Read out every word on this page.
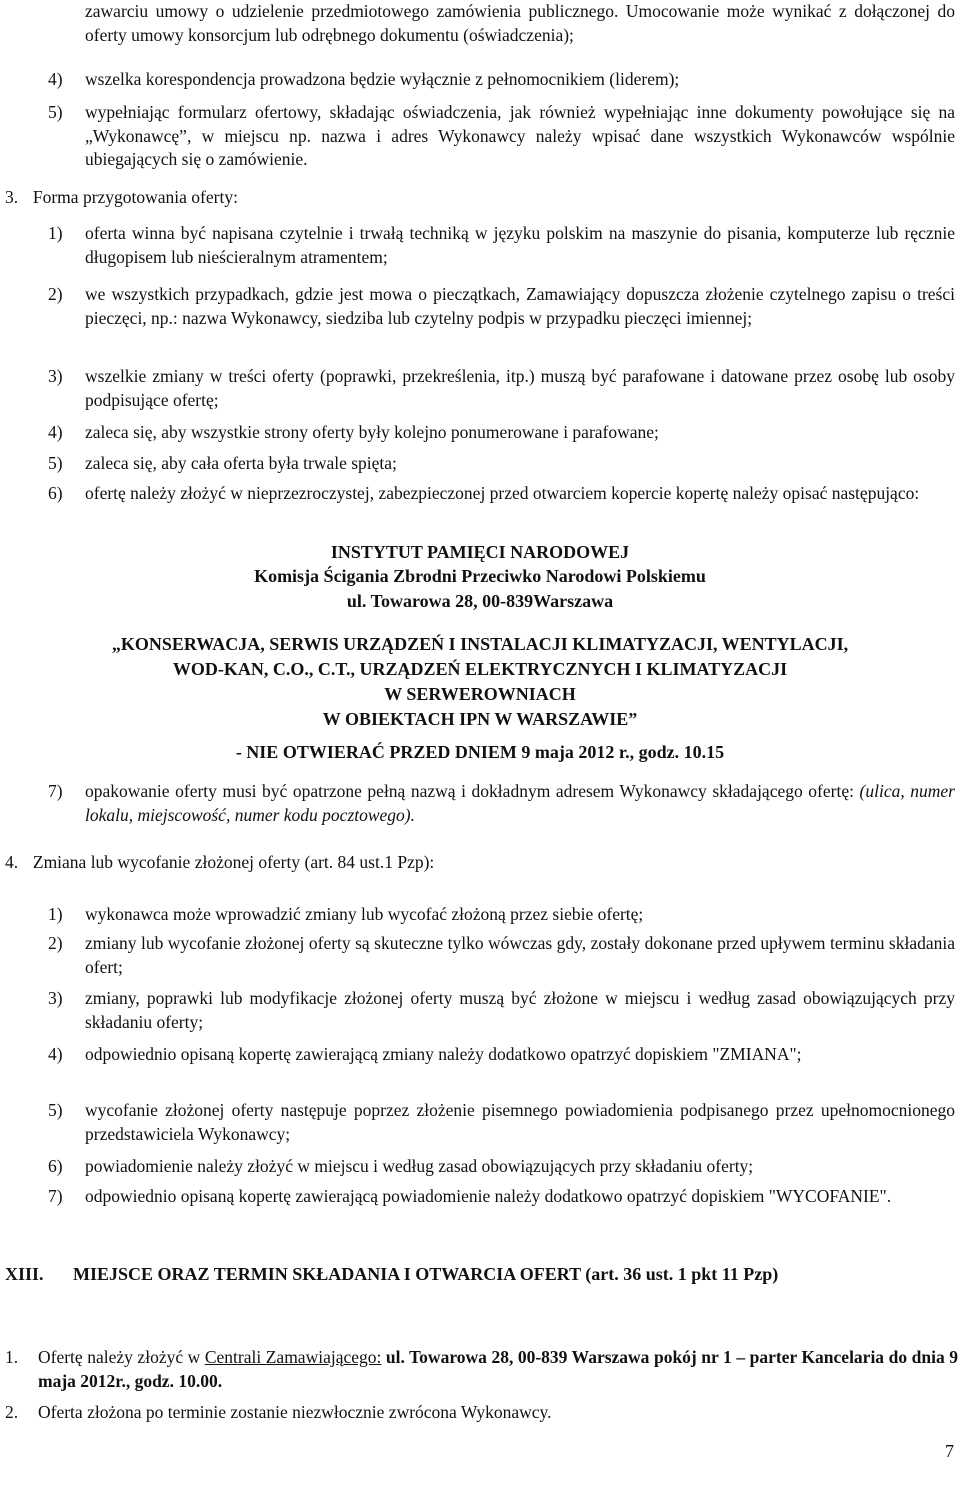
zawarciu umowy o udzielenie przedmiotowego zamówienia publicznego. Umocowanie może wynikać z dołączonej do oferty umowy konsorcjum lub odrębnego dokumentu (oświadczenia);
4) wszelka korespondencja prowadzona będzie wyłącznie z pełnomocnikiem (liderem);
5) wypełniając formularz ofertowy, składając oświadczenia, jak również wypełniając inne dokumenty powołujące się na „Wykonawcę”, w miejscu np. nazwa i adres Wykonawcy należy wpisać dane wszystkich Wykonawców wspólnie ubiegających się o zamówienie.
3. Forma przygotowania oferty:
1) oferta winna być napisana czytelnie i trwałą techniką w języku polskim na maszynie do pisania, komputerze lub ręcznie długopisem lub nieścieralnym atramentem;
2) we wszystkich przypadkach, gdzie jest mowa o pieczątkach, Zamawiający dopuszcza złożenie czytelnego zapisu o treści pieczęci, np.: nazwa Wykonawcy, siedziba lub czytelny podpis w przypadku pieczęci imiennej;
3) wszelkie zmiany w treści oferty (poprawki, przekreślenia, itp.) muszą być parafowane i datowane przez osobę lub osoby podpisujące ofertę;
4) zaleca się, aby wszystkie strony oferty były kolejno ponumerowane i parafowane;
5) zaleca się, aby cała oferta była trwale spięta;
6) ofertę należy złożyć w nieprzezroczystej, zabezpieczonej przed otwarciem kopercie kopertę należy opisać następująco:
INSTYTUT PAMIĘCI NARODOWEJ
Komisja Ścigania Zbrodni Przeciwko Narodowi Polskiemu
ul. Towarowa 28, 00-839Warszawa
„KONSERWACJA, SERWIS URZĄDZEŃ I INSTALACJI KLIMATYZACJI, WENTYLACJI,
WOD-KAN, C.O., C.T., URZĄDZEŃ ELEKTRYCZNYCH I KLIMATYZACJI
W SERWEROWNIACH
W OBIEKTACH IPN W WARSZAWIE”
- NIE OTWIERAĆ PRZED DNIEM 9 maja 2012 r., godz. 10.15
7) opakowanie oferty musi być opatrzone pełną nazwą i dokładnym adresem Wykonawcy składającego ofertę: (ulica, numer lokalu, miejscowość, numer kodu pocztowego).
4. Zmiana lub wycofanie złożonej oferty (art. 84 ust.1 Pzp):
1) wykonawca może wprowadzić zmiany lub wycofać złożoną przez siebie ofertę;
2) zmiany lub wycofanie złożonej oferty są skuteczne tylko wówczas gdy, zostały dokonane przed upływem terminu składania ofert;
3) zmiany, poprawki lub modyfikacje złożonej oferty muszą być złożone w miejscu i według zasad obowiązujących przy składaniu oferty;
4) odpowiednio opisaną kopertę zawierającą zmiany należy dodatkowo opatrzyć dopiskiem "ZMIANA";
5) wycofanie złożonej oferty następuje poprzez złożenie pisemnego powiadomienia podpisanego przez upełnomocnionego przedstawiciela Wykonawcy;
6) powiadomienie należy złożyć w miejscu i według zasad obowiązujących przy składaniu oferty;
7) odpowiednio opisaną kopertę zawierającą powiadomienie należy dodatkowo opatrzyć dopiskiem "WYCOFANIE".
XIII. MIEJSCE ORAZ TERMIN SKŁADANIA I OTWARCIA OFERT (art. 36 ust. 1 pkt 11 Pzp)
1. Ofertę należy złożyć w Centrali Zamawiającego: ul. Towarowa 28, 00-839 Warszawa pokój nr 1 – parter Kancelaria do dnia 9 maja 2012r., godz. 10.00.
2. Oferta złożona po terminie zostanie niezwłocznie zwrócona Wykonawcy.
7
